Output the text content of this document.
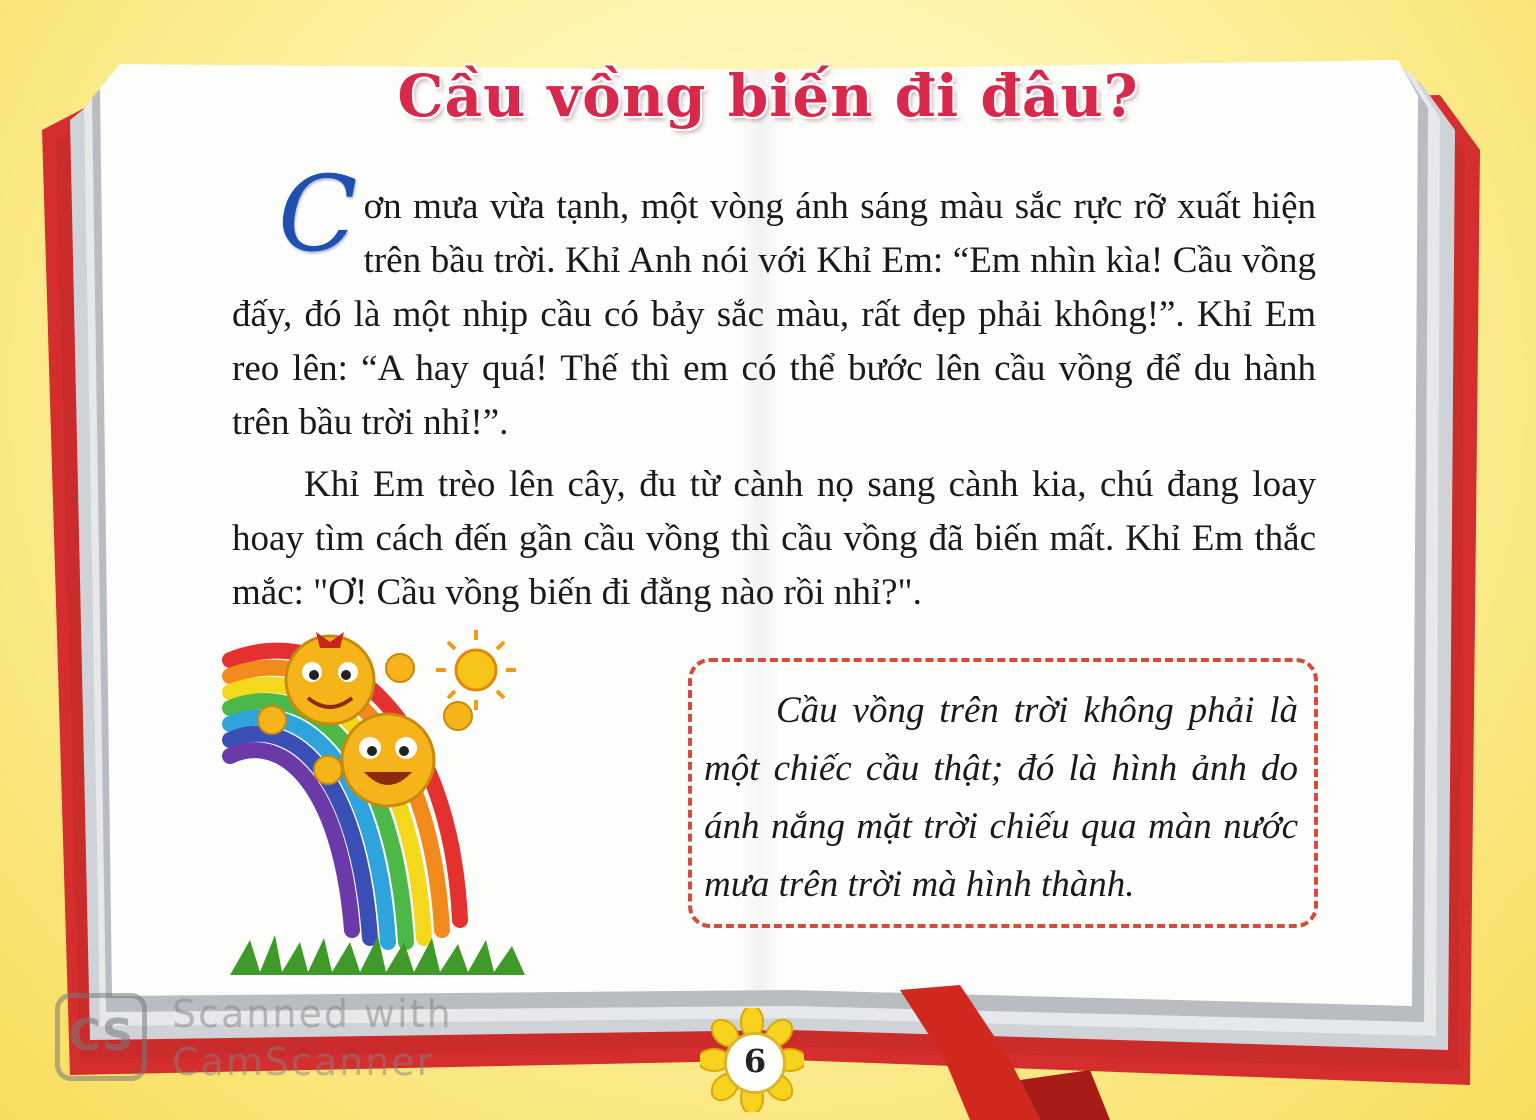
Cầu vồng biến đi đâu?

Cơn mưa vừa tạnh, một vòng ánh sáng màu sắc rực rỡ xuất hiện trên bầu trời. Khỉ Anh nói với Khỉ Em: “Em nhìn kìa! Cầu vồng đấy, đó là một nhịp cầu có bảy sắc màu, rất đẹp phải không!”. Khỉ Em reo lên: “A hay quá! Thế thì em có thể bước lên cầu vồng để du hành trên bầu trời nhỉ!”.

Khỉ Em trèo lên cây, đu từ cành nọ sang cành kia, chú đang loay hoay tìm cách đến gần cầu vồng thì cầu vồng đã biến mất. Khỉ Em thắc mắc: "Ơ! Cầu vồng biến đi đằng nào rồi nhỉ?".

Cầu vồng trên trời không phải là một chiếc cầu thật; đó là hình ảnh do ánh nắng mặt trời chiếu qua màn nước mưa trên trời mà hình thành.

6
CS	Scanned with
CamScanner
